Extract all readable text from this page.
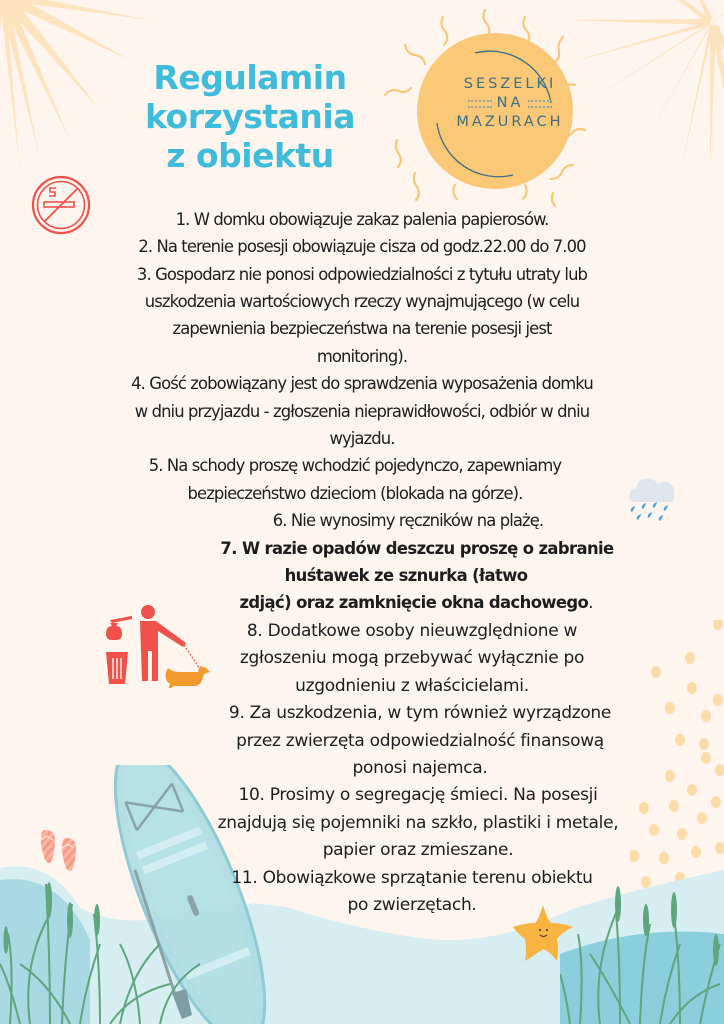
SESZELKI
NA
MAZURACH
Regulamin
korzystania
z obiektu
1. W domku obowiązuje zakaz palenia papierosów.
2. Na terenie posesji obowiązuje cisza od godz.22.00 do 7.00
3. Gospodarz nie ponosi odpowiedzialności z tytułu utraty lub
uszkodzenia wartościowych rzeczy wynajmującego (w celu
zapewnienia bezpieczeństwa na terenie posesji jest
monitoring).
4. Gość zobowiązany jest do sprawdzenia wyposażenia domku
w dniu przyjazdu - zgłoszenia nieprawidłowości, odbiór w dniu
wyjazdu.
5. Na schody proszę wchodzić pojedynczo, zapewniamy
bezpieczeństwo dzieciom (blokada na górze).
6. Nie wynosimy ręczników na plażę.
7. W razie opadów deszczu proszę o zabranie
huśtawek ze sznurka (łatwo
zdjąć) oraz zamknięcie okna dachowego.
8. Dodatkowe osoby nieuwzględnione w
zgłoszeniu mogą przebywać wyłącznie po
uzgodnieniu z właścicielami.
9. Za uszkodzenia, w tym również wyrządzone
przez zwierzęta odpowiedzialność finansową
ponosi najemca.
10. Prosimy o segregację śmieci. Na posesji
znajdują się pojemniki na szkło, plastiki i metale,
papier oraz zmieszane.
11. Obowiązkowe sprzątanie terenu obiektu
po zwierzętach.
